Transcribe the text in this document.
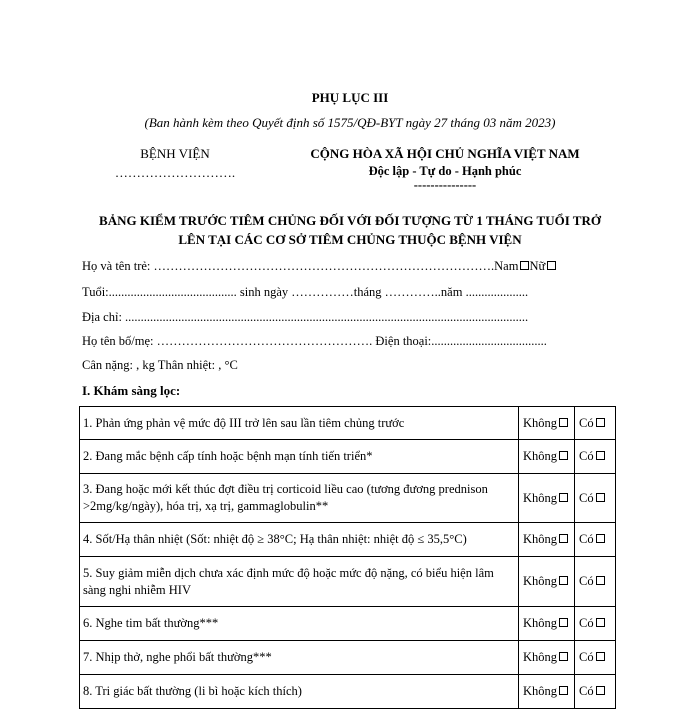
PHỤ LỤC III
(Ban hành kèm theo Quyết định số 1575/QĐ-BYT ngày 27 tháng 03 năm 2023)
BỆNH VIỆN
……………………….
CỘNG HÒA XÃ HỘI CHỦ NGHĨA VIỆT NAM
Độc lập - Tự do - Hạnh phúc
---------------
BẢNG KIỂM TRƯỚC TIÊM CHỦNG ĐỐI VỚI ĐỐI TƯỢNG TỪ 1 THÁNG TUỔI TRỞ
LÊN TẠI CÁC CƠ SỞ TIÊM CHỦNG THUỘC BỆNH VIỆN
Họ và tên trẻ: ……………………………………………………………………….Nam Nữ
Tuổi:......................................... sinh ngày ……………tháng …………..năm ....................
Địa chỉ: .................................................................................................................................
Họ tên bố/mẹ: ……………………………………………. Điện thoại:.....................................
Cân nặng: , kg Thân nhiệt: , °C
I. Khám sàng lọc:
1. Phản ứng phản vệ mức độ III trở lên sau lần tiêm chủng trước	Không	Có
2. Đang mắc bệnh cấp tính hoặc bệnh mạn tính tiến triển*	Không	Có
3. Đang hoặc mới kết thúc đợt điều trị corticoid liều cao (tương đương prednison >2mg/kg/ngày), hóa trị, xạ trị, gammaglobulin**	Không	Có
4. Sốt/Hạ thân nhiệt (Sốt: nhiệt độ ≥ 38°C; Hạ thân nhiệt: nhiệt độ ≤ 35,5°C)	Không	Có
5. Suy giảm miễn dịch chưa xác định mức độ hoặc mức độ nặng, có biểu hiện lâm sàng nghi nhiễm HIV	Không	Có
6. Nghe tim bất thường***	Không	Có
7. Nhịp thở, nghe phổi bất thường***	Không	Có
8. Tri giác bất thường (li bì hoặc kích thích)	Không	Có
